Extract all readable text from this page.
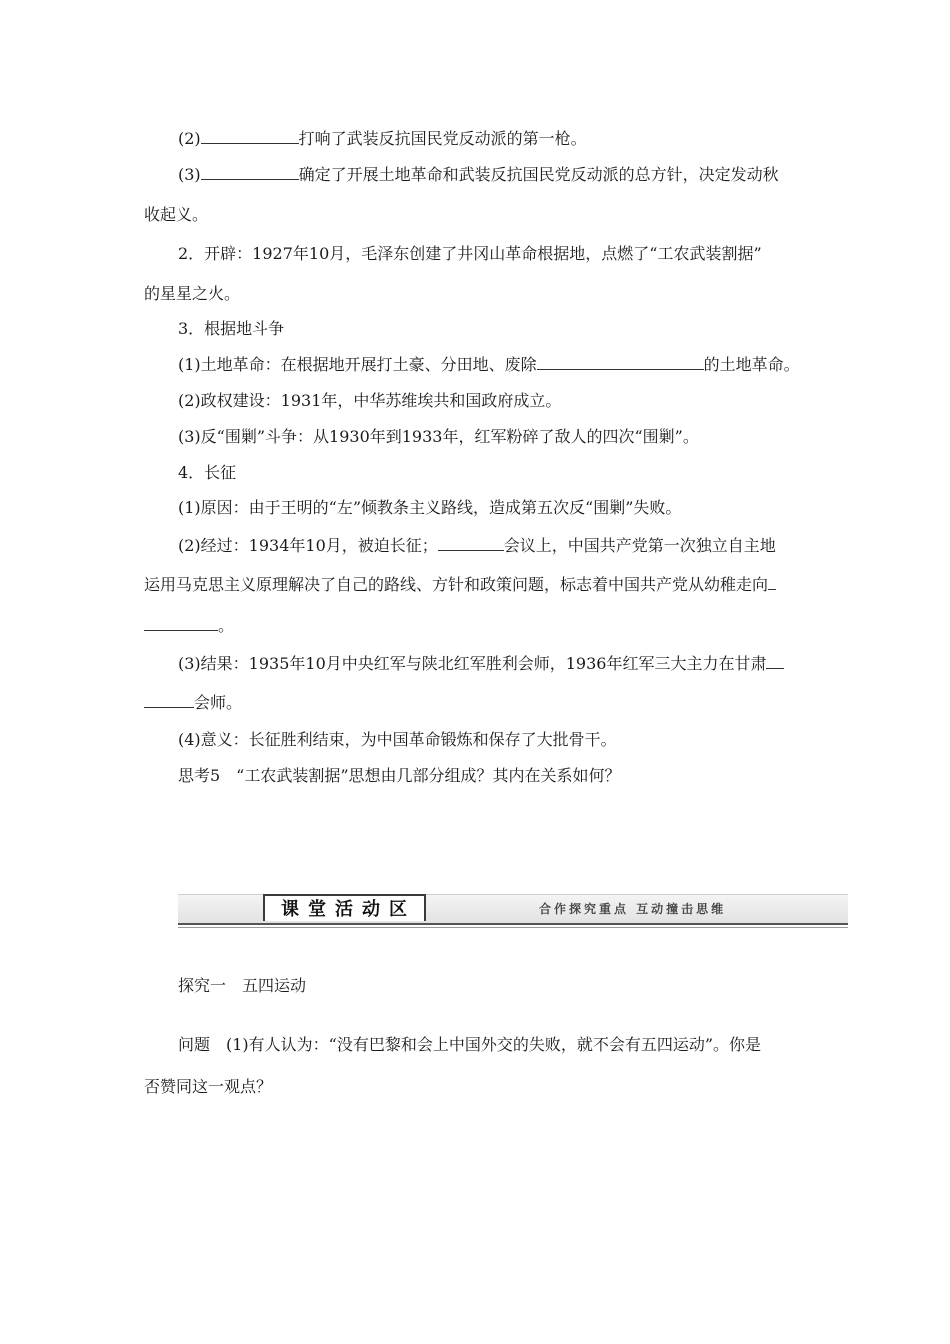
(2)	打响了武装反抗国民党反动派的第一枪。
(3)	确定了开展土地革命和武装反抗国民党反动派的总方针，决定发动秋
收起义。
2．开辟：1927年10月，毛泽东创建了井冈山革命根据地，点燃了“工农武装割据”
的星星之火。
3．根据地斗争
(1)土地革命：在根据地开展打土豪、分田地、废除	的土地革命。
(2)政权建设：1931年，中华苏维埃共和国政府成立。
(3)反“围剿”斗争：从1930年到1933年，红军粉碎了敌人的四次“围剿”。
4．长征
(1)原因：由于王明的“左”倾教条主义路线，造成第五次反“围剿”失败。
(2)经过：1934年10月，被迫长征；	会议上，中国共产党第一次独立自主地
运用马克思主义原理解决了自己的路线、方针和政策问题，标志着中国共产党从幼稚走向
。
(3)结果：1935年10月中央红军与陕北红军胜利会师，1936年红军三大主力在甘肃
会师。
(4)意义：长征胜利结束，为中国革命锻炼和保存了大批骨干。
思考5　“工农武装割据”思想由几部分组成？其内在关系如何？
课堂活动区	合作探究重点 互动撞击思维
探究一　五四运动
问题　(1)有人认为：“没有巴黎和会上中国外交的失败，就不会有五四运动”。你是
否赞同这一观点？
